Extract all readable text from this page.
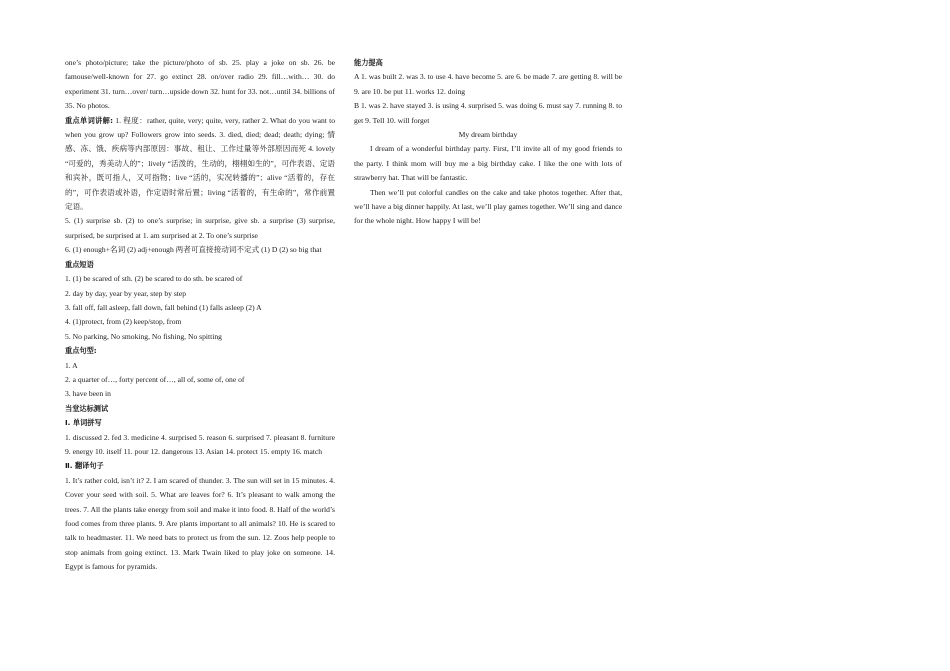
one’s photo/picture; take the picture/photo of sb. 25. play a joke on sb. 26. be famouse/well-known for 27. go extinct 28. on/over radio 29. fill…with… 30. do experiment 31. turn…over/ turn…upside down 32. hunt for 33. not…until 34. billions of 35. No photos.

重点单词讲解: 1. 程度：rather, quite, very; quite, very, rather 2. What do you want to when you grow up? Followers grow into seeds. 3. died, died; dead; death; dying; 情感、冻、饿、疾病等内部原因：事故、租让、工作过量等外部原因而死 4. lovely “可爱的，秀美动人的”；lively “活泼的，生动的，栩栩如生的”，可作表语、定语和宾补，既可指人，又可指物；live “活的，实况转播的”；alive “活着的，存在的”，可作表语或补语，作定语时常后置；living “活着的，有生命的”，常作前置定语。

5. (1) surprise sb. (2) to one’s surprise; in surprise, give sb. a surprise (3) surprise, surprised, be surprised at 1. am surprised at 2. To one’s surprise

6. (1) enough+名词 (2) adj+enough 两者可直接接动词不定式 (1) D (2) so big that

重点短语

1. (1) be scared of sth. (2) be scared to do sth. be scared of

2. day by day, year by year, step by step

3. fall off, fall asleep, fall down, fall behind (1) falls asleep (2) A

4. (1)protect, from (2) keep/stop, from

5. No parking, No smoking, No fishing, No spitting

重点句型:

1. A

2. a quarter of…, forty percent of…, all of, some of, one of

3. have been in

当堂达标测试

Ⅰ. 单词拼写

1. discussed 2. fed 3. medicine 4. surprised 5. reason 6. surprised 7. pleasant 8. furniture 9. energy 10. itself 11. pour 12. dangerous 13. Asian 14. protect 15. empty 16. match

Ⅱ. 翻译句子

1. It’s rather cold, isn’t it? 2. I am scared of thunder. 3. The sun will set in 15 minutes. 4. Cover your seed with soil. 5. What are leaves for? 6. It’s pleasant to walk among the trees. 7. All the plants take energy from soil and make it into food. 8. Half of the world’s food comes from three plants. 9. Are plants important to all animals? 10. He is scared to talk to headmaster. 11. We need bats to protect us from the sun. 12. Zoos help people to stop animals from going extinct. 13. Mark Twain liked to play joke on someone. 14. Egypt is famous for pyramids.

能力提高

A 1. was built 2. was 3. to use 4. have become 5. are 6. be made 7. are getting 8. will be 9. are 10. be put 11. works 12. doing

B 1. was 2. have stayed 3. is using 4. surprised 5. was doing 6. must say 7. running 8. to get 9. Tell 10. will forget

My dream birthday

I dream of a wonderful birthday party. First, I’ll invite all of my good friends to the party. I think mom will buy me a big birthday cake. I like the one with lots of strawberry hat. That will be fantastic.

Then we’ll put colorful candles on the cake and take photos together. After that, we’ll have a big dinner happily. At last, we’ll play games together. We’ll sing and dance for the whole night. How happy I will be!
